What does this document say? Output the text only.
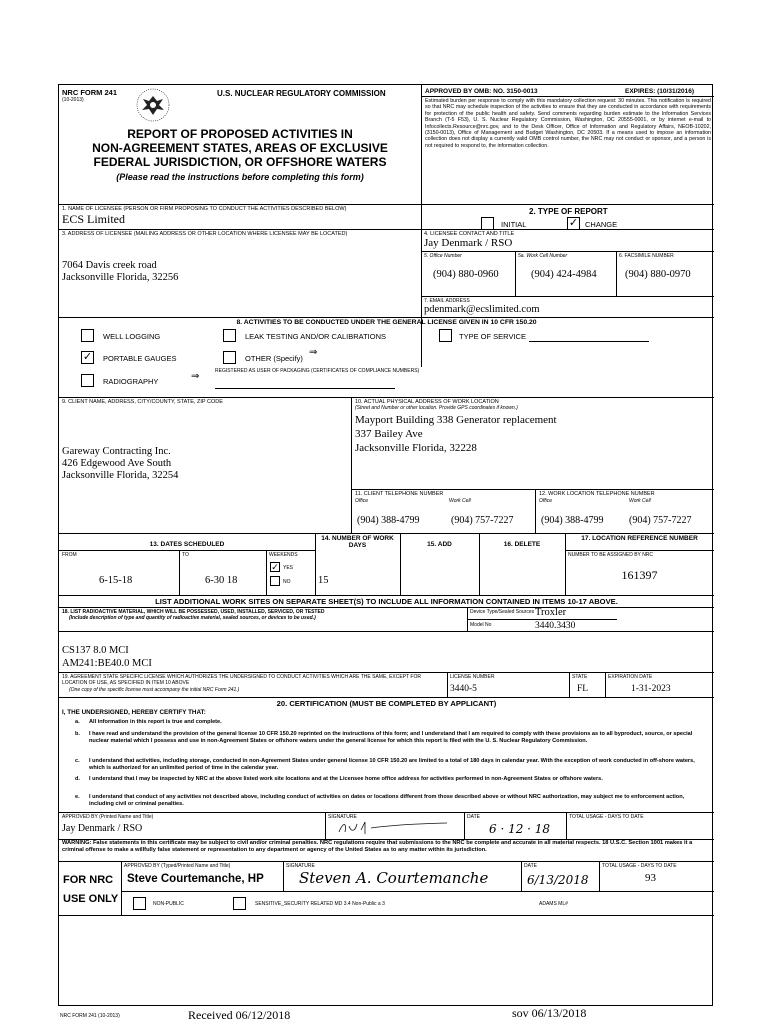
NRC FORM 241
(10-2013)
U.S. NUCLEAR REGULATORY COMMISSION
REPORT OF PROPOSED ACTIVITIES IN
NON-AGREEMENT STATES, AREAS OF EXCLUSIVE
FEDERAL JURISDICTION, OR OFFSHORE WATERS
(Please read the instructions before completing this form)
APPROVED BY OMB: NO. 3150-0013	EXPIRES: (10/31/2016)
Estimated burden per response to comply with this mandatory collection request: 30 minutes. This notification is required so that NRC may schedule inspection of the activities to ensure that they are conducted in accordance with requirements for protection of the public health and safety. Send comments regarding burden estimate to the Information Services Branch (T-5 F53), U. S. Nuclear Regulatory Commission, Washington, DC 20555-0001, or by internet e-mail to Infocollects.Resource@nrc.gov, and to the Desk Officer, Office of Information and Regulatory Affairs, NEOB-10202, (3150-0013), Office of Management and Budget Washington, DC 20503. If a means used to impose an information collection does not display a currently valid OMB control number, the NRC may not conduct or sponsor, and a person is not required to respond to, the information collection.
1. NAME OF LICENSEE (PERSON OR FIRM PROPOSING TO CONDUCT THE ACTIVITIES DESCRIBED BELOW)
ECS Limited
2. TYPE OF REPORT
INITIAL	✓ CHANGE
3. ADDRESS OF LICENSEE (MAILING ADDRESS OR OTHER LOCATION WHERE LICENSEE MAY BE LOCATED)
7064 Davis creek road
Jacksonville Florida, 32256
4. LICENSEE CONTACT AND TITLE
Jay Denmark / RSO
5. Office Number
(904) 880-0960
5a. Work Cell Number
(904) 424-4984
6. FACSIMILE NUMBER
(904) 880-0970
7. EMAIL ADDRESS
pdenmark@ecslimited.com
8. ACTIVITIES TO BE CONDUCTED UNDER THE GENERAL LICENSE GIVEN IN 10 CFR 150.20
WELL LOGGING	LEAK TESTING AND/OR CALIBRATIONS	TYPE OF SERVICE
✓ PORTABLE GAUGES	OTHER (Specify)
⇒
REGISTERED AS USER OF PACKAGING (CERTIFICATES OF COMPLIANCE NUMBERS)
RADIOGRAPHY	⇒
9. CLIENT NAME, ADDRESS, CITY/COUNTY, STATE, ZIP CODE
Gareway Contracting Inc.
426 Edgewood Ave South
Jacksonville Florida, 32254
10. ACTUAL PHYSICAL ADDRESS OF WORK LOCATION
(Street and Number or other location. Provide GPS coordinates if known.)
Mayport Building 338 Generator replacement
337 Bailey Ave
Jacksonville Florida, 32228
11. CLIENT TELEPHONE NUMBER
Office	Work Cell
(904) 388-4799	(904) 757-7227
12. WORK LOCATION TELEPHONE NUMBER
Office	Work Cell
(904) 388-4799	(904) 757-7227
13. DATES SCHEDULED
14. NUMBER OF WORK DAYS	15. ADD	16. DELETE
17. LOCATION REFERENCE NUMBER
FROM	TO	WEEKENDS
6-15-18	6-30 18
✓ YES
NO	15
NUMBER TO BE ASSIGNED BY NRC
161397
LIST ADDITIONAL WORK SITES ON SEPARATE SHEET(S) TO INCLUDE ALL INFORMATION CONTAINED IN ITEMS 10-17 ABOVE.
18. LIST RADIOACTIVE MATERIAL, WHICH WILL BE POSSESSED, USED, INSTALLED, SERVICED, OR TESTED
(Include description of type and quantity of radioactive material, sealed sources, or devices to be used.)
Device Type/Sealed Sources Troxler
Model No	3440.3430
CS137 8.0 MCI
AM241:BE40.0 MCI
19. AGREEMENT STATE SPECIFIC LICENSE WHICH AUTHORIZES THE UNDERSIGNED TO CONDUCT ACTIVITIES WHICH ARE THE SAME, EXCEPT FOR LOCATION OF USE, AS SPECIFIED IN ITEM 10 ABOVE
(One copy of the specific license must accompany the initial NRC Form 241.)
LICENSE NUMBER
3440-5
STATE
FL
EXPIRATION DATE
1-31-2023
20. CERTIFICATION (MUST BE COMPLETED BY APPLICANT)
I, THE UNDERSIGNED, HEREBY CERTIFY THAT:
a. All information in this report is true and complete.
b. I have read and understand the provision of the general license 10 CFR 150.20 reprinted on the instructions of this form; and I understand that I am required to comply with these provisions as to all byproduct, source, or special nuclear material which I possess and use in non-Agreement States or offshore waters under the general license for which this report is filed with the U. S. Nuclear Regulatory Commission.
c. I understand that activities, including storage, conducted in non-Agreement States under general license 10 CFR 150.20 are limited to a total of 180 days in calendar year. With the exception of work conducted in off-shore waters, which is authorized for an unlimited period of time in the calendar year.
d. I understand that I may be inspected by NRC at the above listed work site locations and at the Licensee home office address for activities performed in non-Agreement States or offshore waters.
e. I understand that conduct of any activities not described above, including conduct of activities on dates or locations different from those described above or without NRC authorization, may subject me to enforcement action, including civil or criminal penalties.
APPROVED BY (Printed Name and Title)
Jay Denmark / RSO
SIGNATURE	DATE
6 · 12 · 18
TOTAL USAGE - DAYS TO DATE
WARNING: False statements in this certificate may be subject to civil and/or criminal penalties. NRC regulations require that submissions to the NRC be complete and accurate in all material respects. 18 U.S.C. Section 1001 makes it a criminal offense to make a willfully false statement or representation to any department or agency of the United States as to any matter within its jurisdiction.
FOR NRC
USE ONLY
APPROVED BY (Typed/Printed Name and Title)
Steve Courtemanche, HP
SIGNATURE
Steven A. Courtemanche
DATE
6/13/2018
TOTAL USAGE - DAYS TO DATE
93
NON-PUBLIC	SENSITIVE_SECURITY RELATED MD 3.4 Non-Public a 3	ADAMS ML#
NRC FORM 241 (10-2013)	Received 06/12/2018	sov 06/13/2018
